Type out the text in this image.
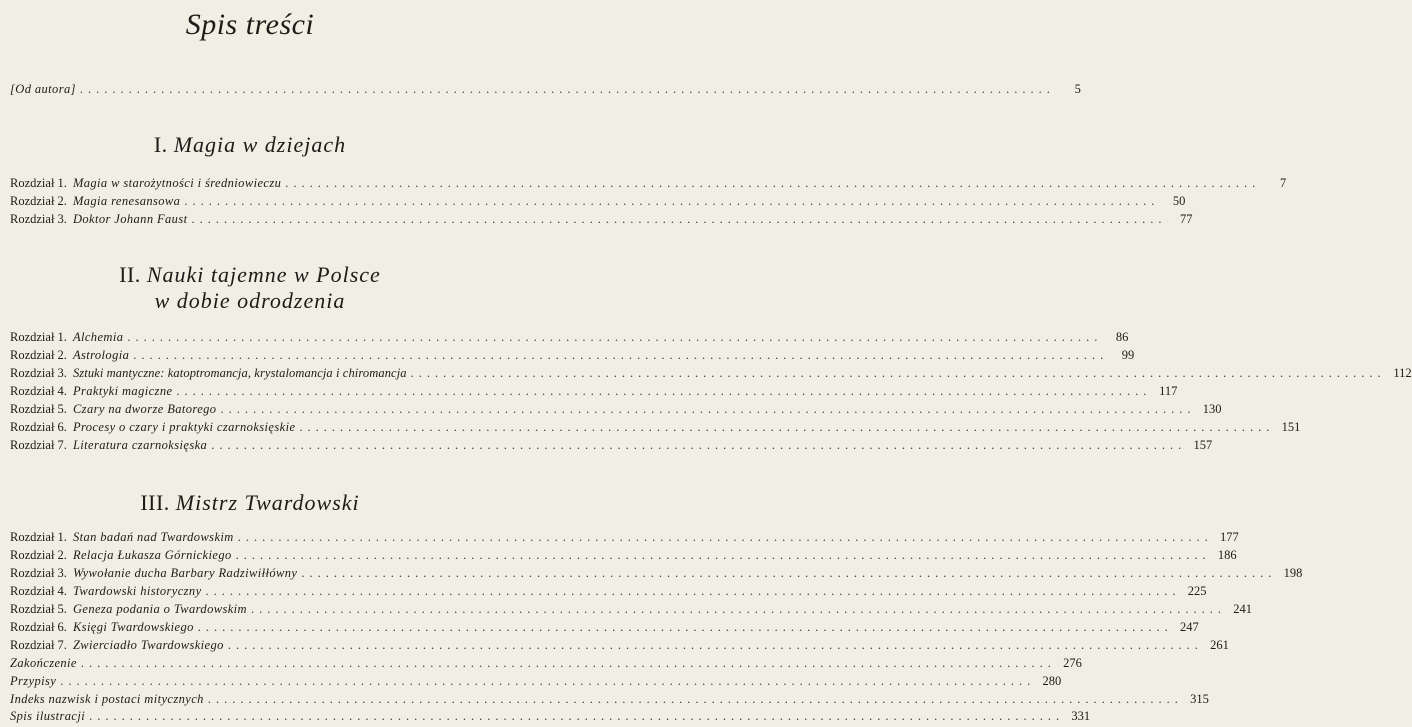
Spis treści
[Od autora] ........................................................................................................................	5
I. Magia w dziejach
Rozdział 1. Magia w starożytności i średniowieczu ........................................................................................................................	7
Rozdział 2. Magia renesansowa ........................................................................................................................	50
Rozdział 3. Doktor Johann Faust ........................................................................................................................	77
II. Nauki tajemne w Polsce
w dobie odrodzenia
Rozdział 1. Alchemia ........................................................................................................................	86
Rozdział 2. Astrologia ........................................................................................................................	99
Rozdział 3. Sztuki mantyczne: katoptromancja, krystalomancja i chiromancja ........................................................................................................................ 112
Rozdział 4. Praktyki magiczne ........................................................................................................................ 117
Rozdział 5. Czary na dworze Batorego ........................................................................................................................ 130
Rozdział 6. Procesy o czary i praktyki czarnoksięskie ........................................................................................................................ 151
Rozdział 7. Literatura czarnoksięska ........................................................................................................................ 157
III. Mistrz Twardowski
Rozdział 1. Stan badań nad Twardowskim ........................................................................................................................ 177
Rozdział 2. Relacja Łukasza Górnickiego ........................................................................................................................ 186
Rozdział 3. Wywołanie ducha Barbary Radziwiłłówny ........................................................................................................................ 198
Rozdział 4. Twardowski historyczny ........................................................................................................................ 225
Rozdział 5. Geneza podania o Twardowskim ........................................................................................................................ 241
Rozdział 6. Księgi Twardowskiego ........................................................................................................................ 247
Rozdział 7. Zwierciadło Twardowskiego ........................................................................................................................ 261
Zakończenie ........................................................................................................................ 276
Przypisy ........................................................................................................................ 280
Indeks nazwisk i postaci mitycznych ........................................................................................................................ 315
Spis ilustracji ........................................................................................................................ 331
